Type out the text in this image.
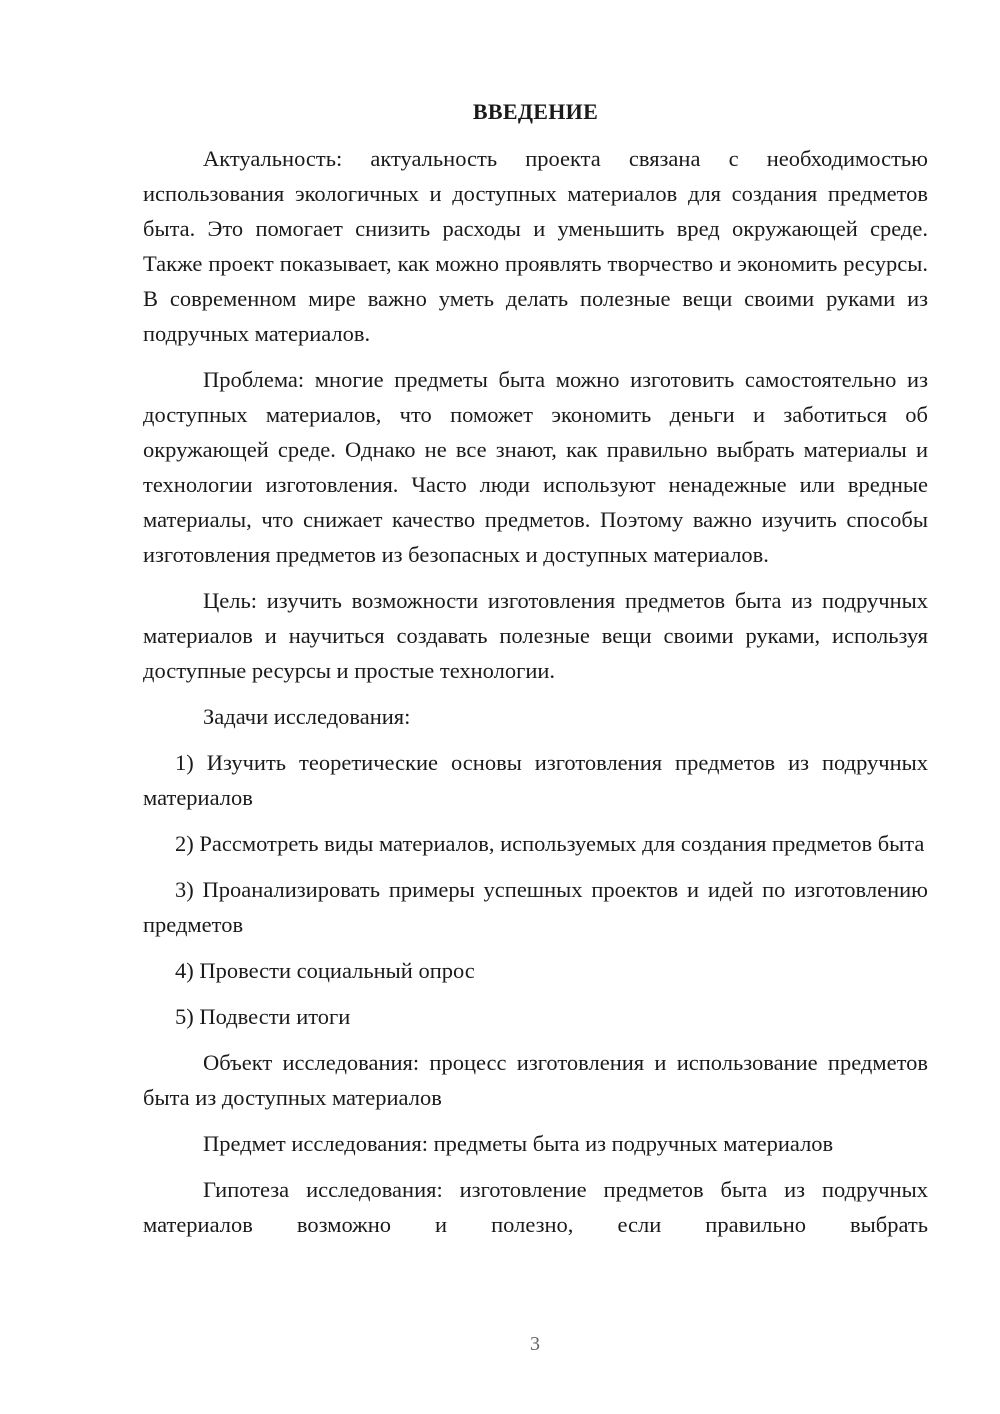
ВВЕДЕНИЕ

Актуальность: актуальность проекта связана с необходимостью использования экологичных и доступных материалов для создания предметов быта. Это помогает снизить расходы и уменьшить вред окружающей среде. Также проект показывает, как можно проявлять творчество и экономить ресурсы. В современном мире важно уметь делать полезные вещи своими руками из подручных материалов.

Проблема: многие предметы быта можно изготовить самостоятельно из доступных материалов, что поможет экономить деньги и заботиться об окружающей среде. Однако не все знают, как правильно выбрать материалы и технологии изготовления. Часто люди используют ненадежные или вредные материалы, что снижает качество предметов. Поэтому важно изучить способы изготовления предметов из безопасных и доступных материалов.

Цель: изучить возможности изготовления предметов быта из подручных материалов и научиться создавать полезные вещи своими руками, используя доступные ресурсы и простые технологии.

Задачи исследования:

1) Изучить теоретические основы изготовления предметов из подручных материалов

2) Рассмотреть виды материалов, используемых для создания предметов быта

3) Проанализировать примеры успешных проектов и идей по изготовлению предметов

4) Провести социальный опрос

5) Подвести итоги

Объект исследования: процесс изготовления и использование предметов быта из доступных материалов

Предмет исследования: предметы быта из подручных материалов

Гипотеза исследования: изготовление предметов быта из подручных материалов возможно и полезно, если правильно выбрать

3
